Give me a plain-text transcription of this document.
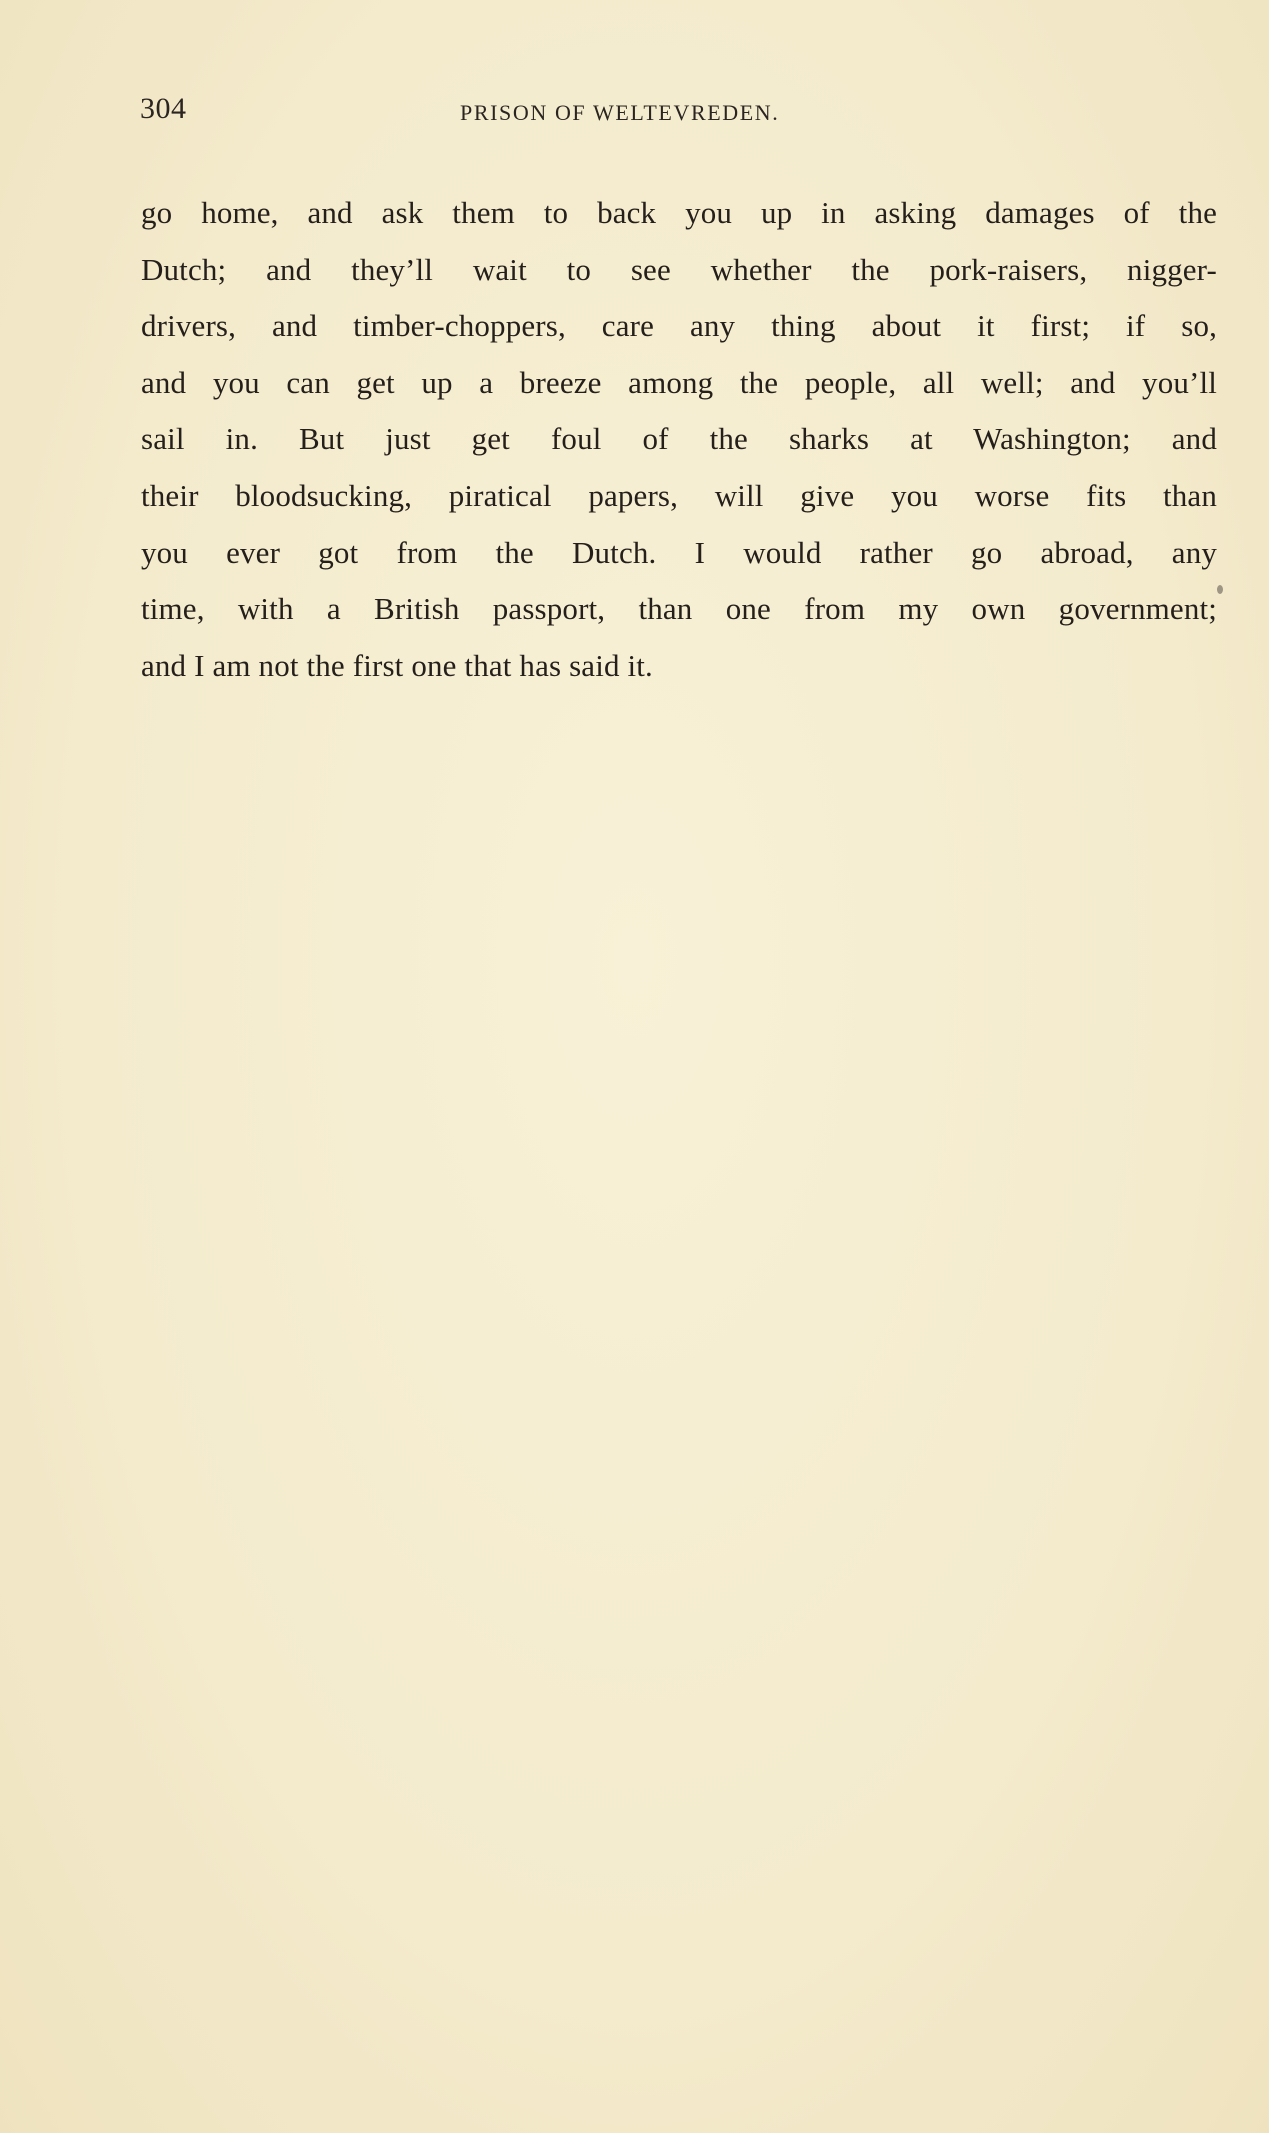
304	PRISON OF WELTEVREDEN.
go home, and ask them to back you up in asking damages of the
Dutch; and they’ll wait to see whether the pork-raisers, nigger-
drivers, and timber-choppers, care any thing about it first; if so,
and you can get up a breeze among the people, all well; and you’ll
sail in. But just get foul of the sharks at Washington; and
their bloodsucking, piratical papers, will give you worse fits than
you ever got from the Dutch. I would rather go abroad, any
time, with a British passport, than one from my own government;
and I am not the first one that has said it.
